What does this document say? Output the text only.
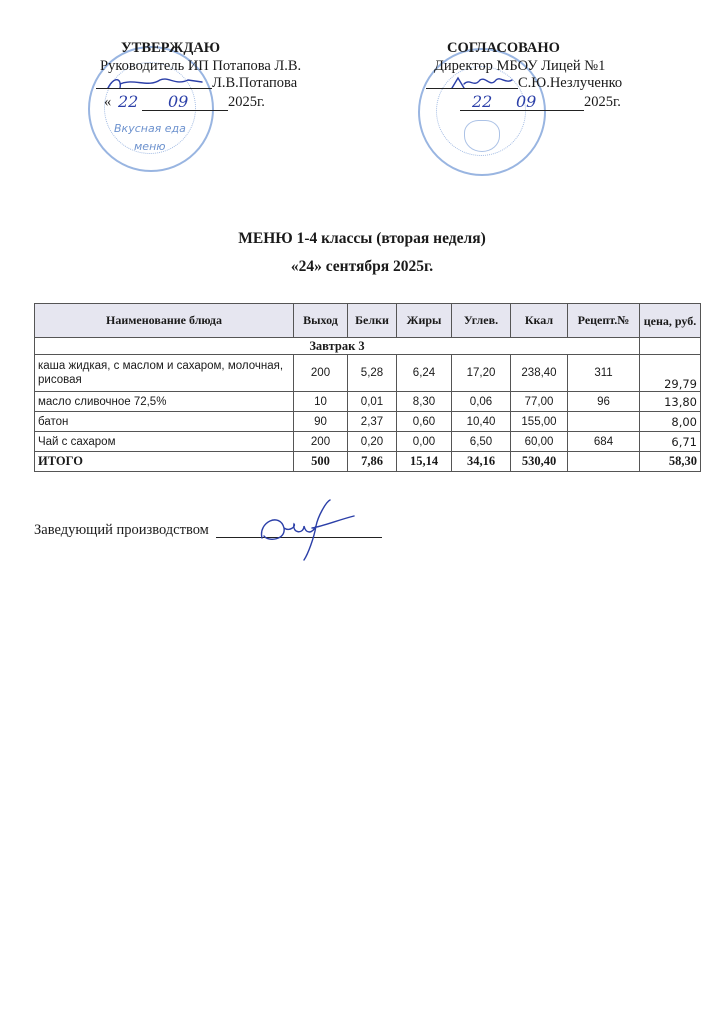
Вкусная еда
меню
УТВЕРЖДАЮ
Руководитель ИП Потапова Л.В.
Л.В.Потапова
« 22 09	2025г.
СОГЛАСОВАНО
Директор МБОУ Лицей №1
С.Ю.Незлученко
22 09	2025г.
МЕНЮ 1-4 классы (вторая неделя)
«24» сентября 2025г.
Наименование блюда	Выход	Белки	Жиры	Углев.	Ккал	Рецепт.№	цена, руб.
Завтрак 3							
каша жидкая, с маслом и сахаром, молочная, рисовая	200	5,28	6,24	17,20	238,40	311	29,79
масло сливочное 72,5%	10	0,01	8,30	0,06	77,00	96	13,80
батон	90	2,37	0,60	10,40	155,00		8,00
Чай с сахаром	200	0,20	0,00	6,50	60,00	684	6,71
ИТОГО	500	7,86	15,14	34,16	530,40		58,30
Заведующий производством
